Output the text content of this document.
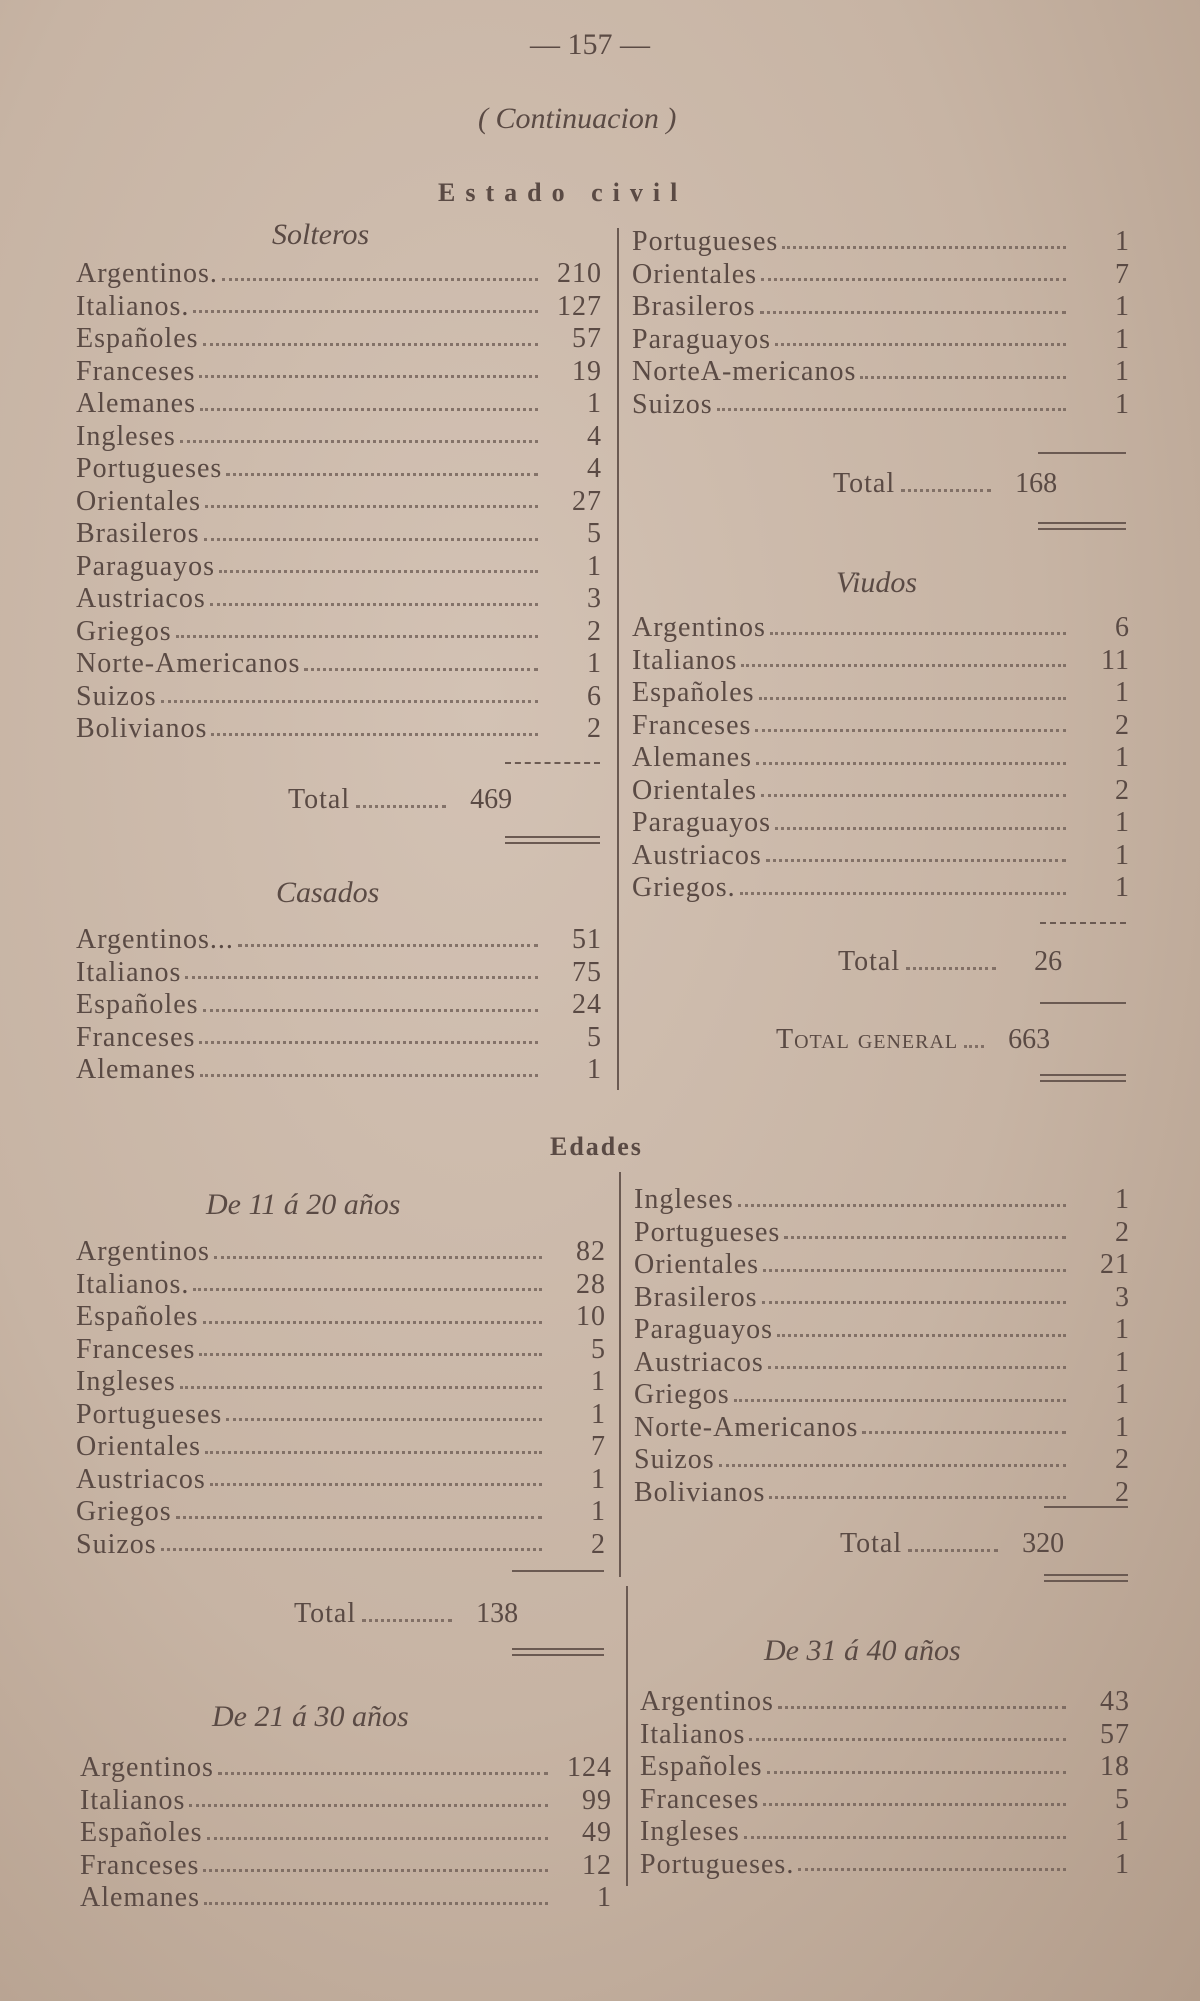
— 157 —
( Continuacion )
Estado civil
Solteros
Argentinos.	210
Italianos.	127
Españoles	57
Franceses	19
Alemanes	1
Ingleses	4
Portugueses	4
Orientales	27
Brasileros	5
Paraguayos	1
Austriacos	3
Griegos	2
Norte-Americanos	1
Suizos	6
Bolivianos	2
Total	469
Casados
Argentinos...	51
Italianos	75
Españoles	24
Franceses	5
Alemanes	1
Portugueses	1
Orientales	7
Brasileros	1
Paraguayos	1
NorteA-mericanos	1
Suizos	1
Total	168
Viudos
Argentinos	6
Italianos	11
Españoles	1
Franceses	2
Alemanes	1
Orientales	2
Paraguayos	1
Austriacos	1
Griegos.	1
Total	26
Total general	663
Edades
De 11 á 20 años
Argentinos	82
Italianos.	28
Españoles	10
Franceses	5
Ingleses	1
Portugueses	1
Orientales	7
Austriacos	1
Griegos	1
Suizos	2
Total	138
De 21 á 30 años
Argentinos	124
Italianos	99
Españoles	49
Franceses	12
Alemanes	1
Ingleses	1
Portugueses	2
Orientales	21
Brasileros	3
Paraguayos	1
Austriacos	1
Griegos	1
Norte-Americanos	1
Suizos	2
Bolivianos	2
Total	320
De 31 á 40 años
Argentinos	43
Italianos	57
Españoles	18
Franceses	5
Ingleses	1
Portugueses.	1
